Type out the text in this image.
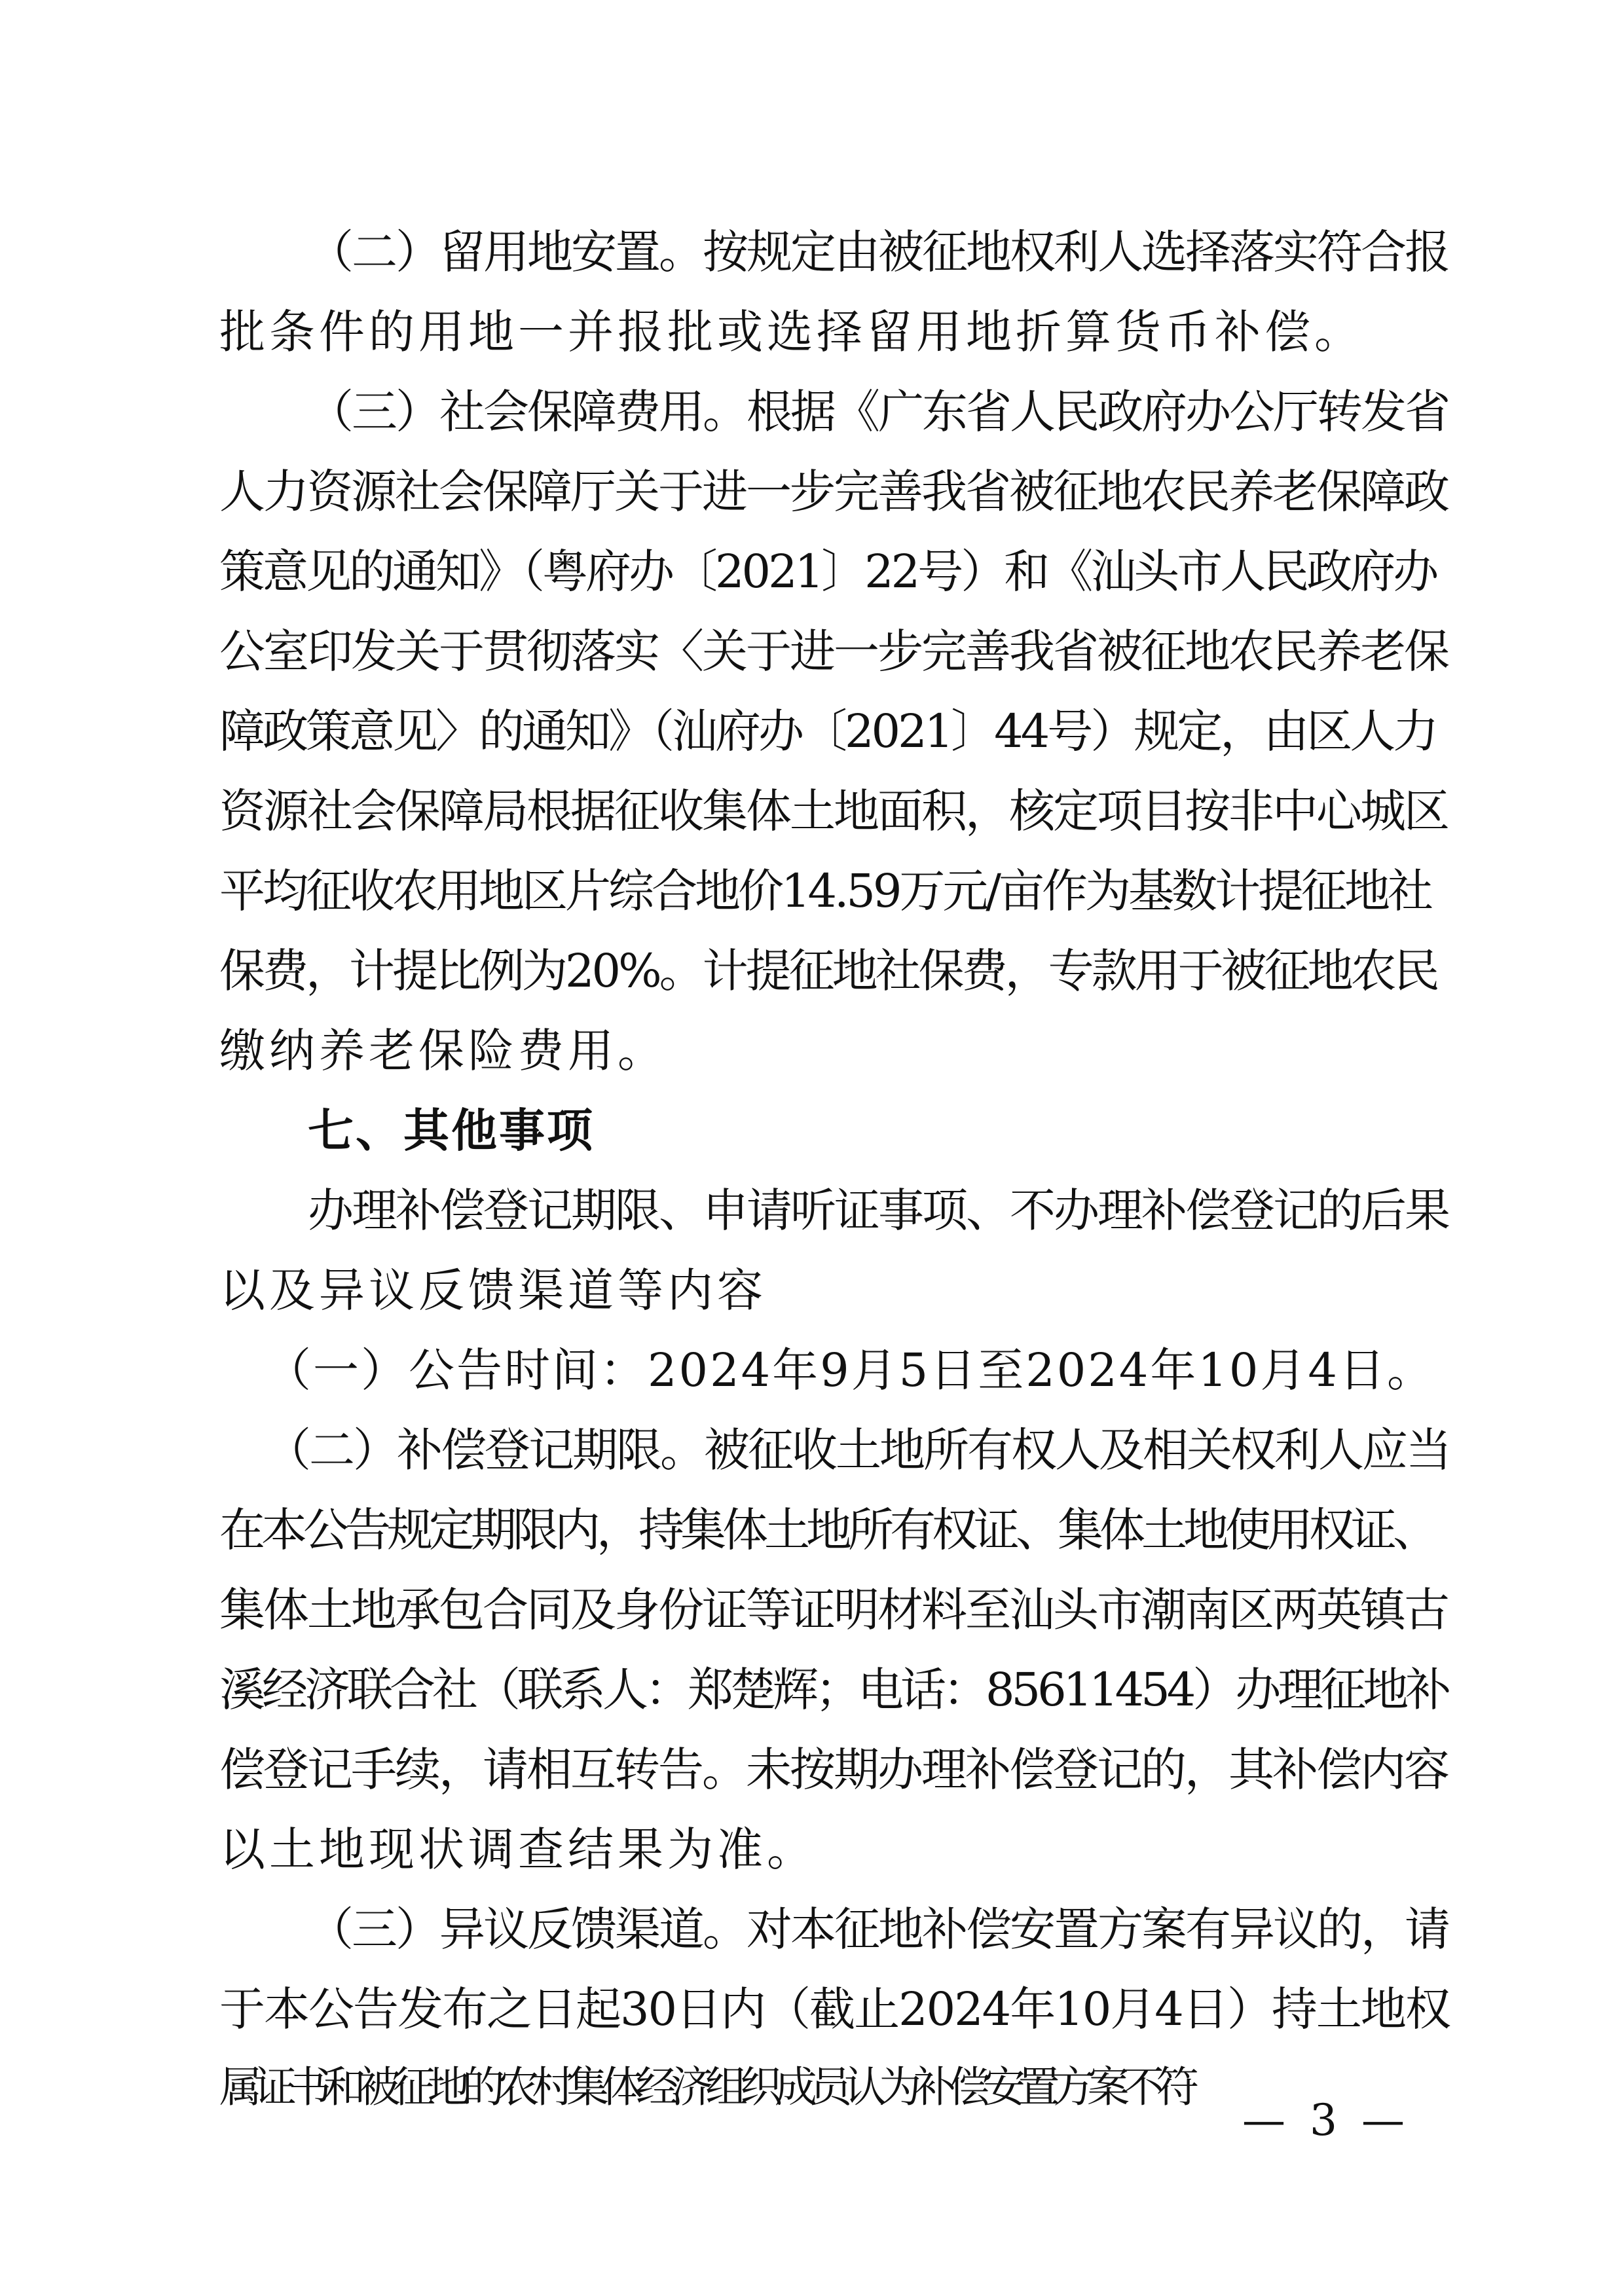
（二）留用地安置。按规定由被征地权利人选择落实符合报
批条件的用地一并报批或选择留用地折算货币补偿。
（三）社会保障费用。根据《广东省人民政府办公厅转发省
人力资源社会保障厅关于进一步完善我省被征地农民养老保障政
策意见的通知》（粤府办〔2021〕22号）和《汕头市人民政府办
公室印发关于贯彻落实〈关于进一步完善我省被征地农民养老保
障政策意见〉的通知》（汕府办〔2021〕44号）规定，由区人力
资源社会保障局根据征收集体土地面积，核定项目按非中心城区
平均征收农用地区片综合地价14.59万元/亩作为基数计提征地社
保费，计提比例为20%。计提征地社保费，专款用于被征地农民
缴纳养老保险费用。
七、其他事项
办理补偿登记期限、申请听证事项、不办理补偿登记的后果
以及异议反馈渠道等内容
（一）公告时间：2024年9月5日至2024年10月4日。
（二）补偿登记期限。被征收土地所有权人及相关权利人应当
在本公告规定期限内，持集体土地所有权证、集体土地使用权证、
集体土地承包合同及身份证等证明材料至汕头市潮南区两英镇古
溪经济联合社（联系人：郑楚辉；电话：85611454）办理征地补
偿登记手续，请相互转告。未按期办理补偿登记的，其补偿内容
以土地现状调查结果为准。
（三）异议反馈渠道。对本征地补偿安置方案有异议的，请
于本公告发布之日起30日内（截止2024年10月4日）持土地权
属证书和被征地的农村集体经济组织成员认为补偿安置方案不符
— 3 —
